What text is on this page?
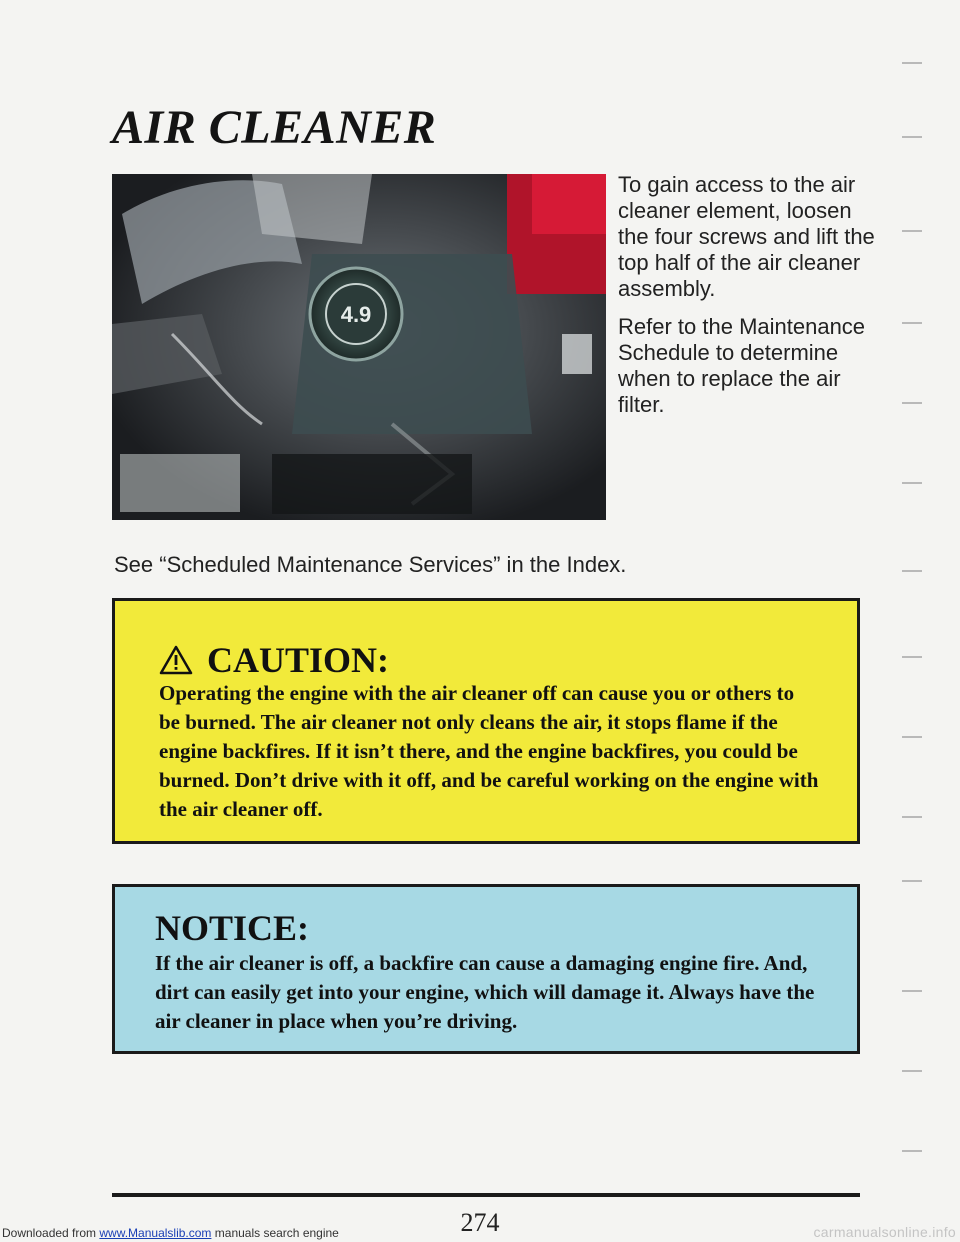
AIR CLEANER
4.9

To gain access to the air cleaner element, loosen the four screws and lift the top half of the air cleaner assembly.

Refer to the Maintenance Schedule to determine when to replace the air filter.

See “Scheduled Maintenance Services” in the Index.
CAUTION:
Operating the engine with the air cleaner off can cause you or others to be burned. The air cleaner not only cleans the air, it stops flame if the engine backfires. If it isn’t there, and the engine backfires, you could be burned. Don’t drive with it off, and be careful working on the engine with the air cleaner off.
NOTICE:
If the air cleaner is off, a backfire can cause a damaging engine fire. And, dirt can easily get into your engine, which will damage it. Always have the air cleaner in place when you’re driving.
274
Downloaded from www.Manualslib.com manuals search engine	carmanualsonline.info
